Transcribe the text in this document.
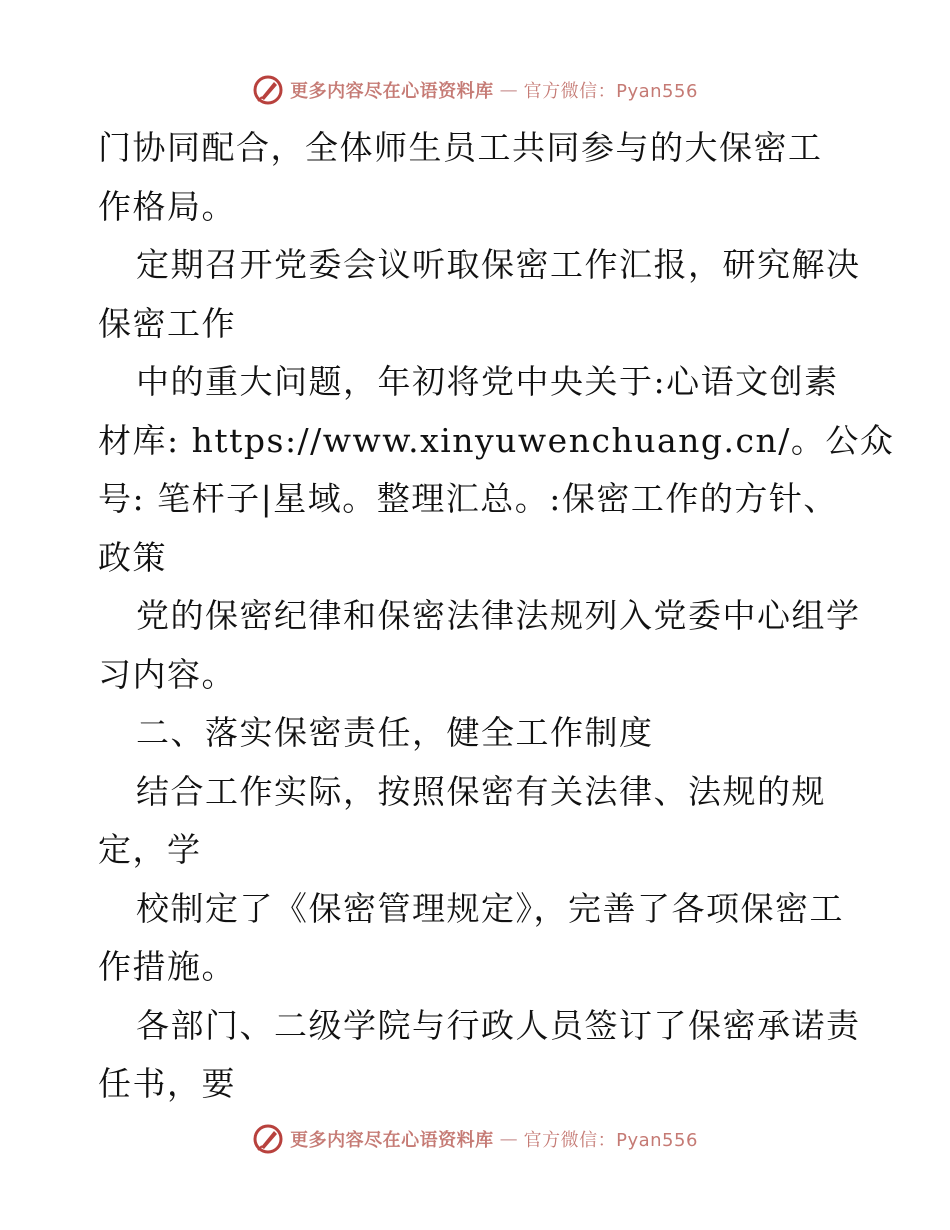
更多内容尽在心语资料库 — 官方微信：Pyan556
门协同配合，全体师生员工共同参与的大保密工
作格局。
定期召开党委会议听取保密工作汇报，研究解决
保密工作
中的重大问题，年初将党中央关于:心语文创素
材库: https://www.xinyuwenchuang.cn/。公众
号: 笔杆子|星域。整理汇总。:保密工作的方针、
政策
党的保密纪律和保密法律法规列入党委中心组学
习内容。
二、落实保密责任，健全工作制度
结合工作实际，按照保密有关法律、法规的规
定，学
校制定了《保密管理规定》，完善了各项保密工
作措施。
各部门、二级学院与行政人员签订了保密承诺责
任书，要
更多内容尽在心语资料库 — 官方微信：Pyan556
